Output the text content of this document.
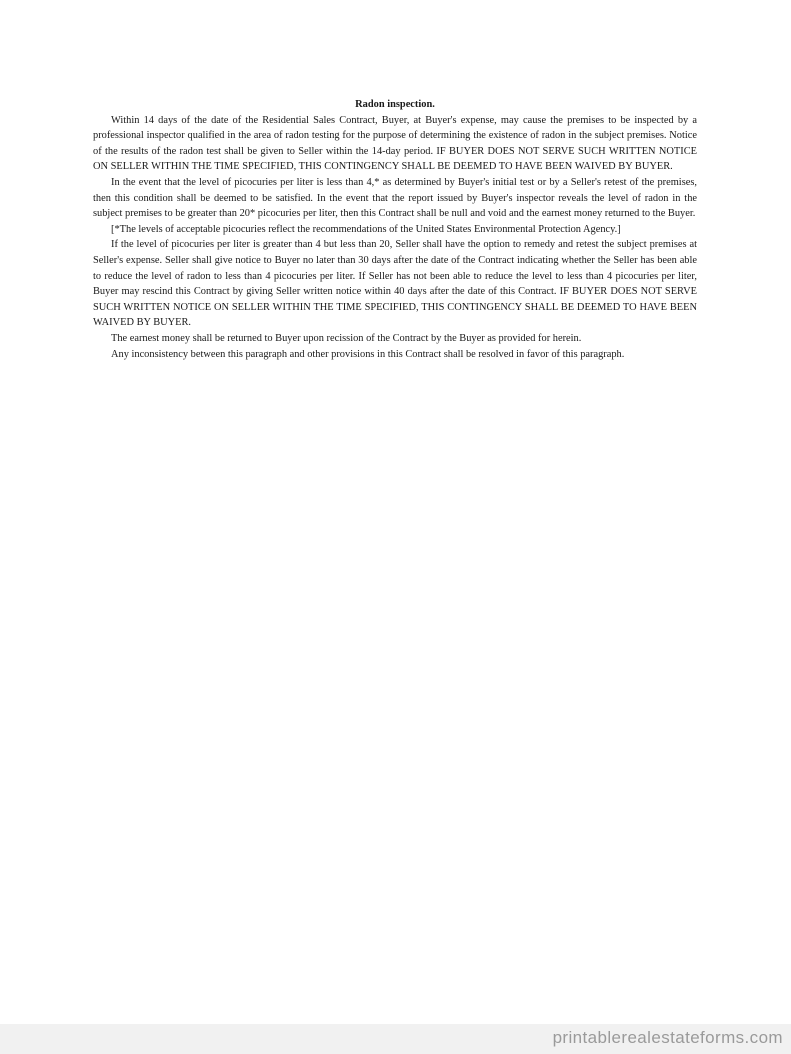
Radon inspection.

Within 14 days of the date of the Residential Sales Contract, Buyer, at Buyer's expense, may cause the premises to be inspected by a professional inspector qualified in the area of radon testing for the purpose of determining the existence of radon in the subject premises. Notice of the results of the radon test shall be given to Seller within the 14-day period. IF BUYER DOES NOT SERVE SUCH WRITTEN NOTICE ON SELLER WITHIN THE TIME SPECIFIED, THIS CONTINGENCY SHALL BE DEEMED TO HAVE BEEN WAIVED BY BUYER.

In the event that the level of picocuries per liter is less than 4,* as determined by Buyer's initial test or by a Seller's retest of the premises, then this condition shall be deemed to be satisfied. In the event that the report issued by Buyer's inspector reveals the level of radon in the subject premises to be greater than 20* picocuries per liter, then this Contract shall be null and void and the earnest money returned to the Buyer.

[*The levels of acceptable picocuries reflect the recommendations of the United States Environmental Protection Agency.]

If the level of picocuries per liter is greater than 4 but less than 20, Seller shall have the option to remedy and retest the subject premises at Seller's expense. Seller shall give notice to Buyer no later than 30 days after the date of the Contract indicating whether the Seller has been able to reduce the level of radon to less than 4 picocuries per liter. If Seller has not been able to reduce the level to less than 4 picocuries per liter, Buyer may rescind this Contract by giving Seller written notice within 40 days after the date of this Contract. IF BUYER DOES NOT SERVE SUCH WRITTEN NOTICE ON SELLER WITHIN THE TIME SPECIFIED, THIS CONTINGENCY SHALL BE DEEMED TO HAVE BEEN WAIVED BY BUYER.

The earnest money shall be returned to Buyer upon recission of the Contract by the Buyer as provided for herein.

Any inconsistency between this paragraph and other provisions in this Contract shall be resolved in favor of this paragraph.

printablerealestateforms.com
